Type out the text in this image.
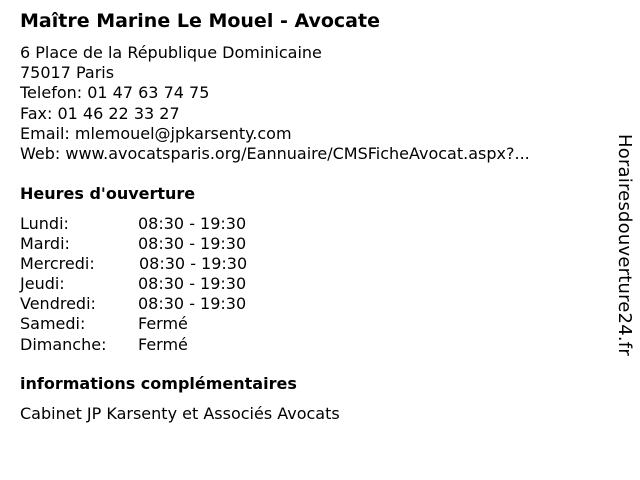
Maître Marine Le Mouel - Avocate
6 Place de la République Dominicaine
75017 Paris
Telefon: 01 47 63 74 75
Fax: 01 46 22 33 27
Email: mlemouel@jpkarsenty.com
Web: www.avocatsparis.org/Eannuaire/CMSFicheAvocat.aspx?...
Heures d'ouverture
Lundi:	08:30 - 19:30
Mardi:	08:30 - 19:30
Mercredi:	08:30 - 19:30
Jeudi:	08:30 - 19:30
Vendredi:	08:30 - 19:30
Samedi:	Fermé
Dimanche: Fermé
informations complémentaires
Cabinet JP Karsenty et Associés Avocats
Horairesdouverture24.fr
